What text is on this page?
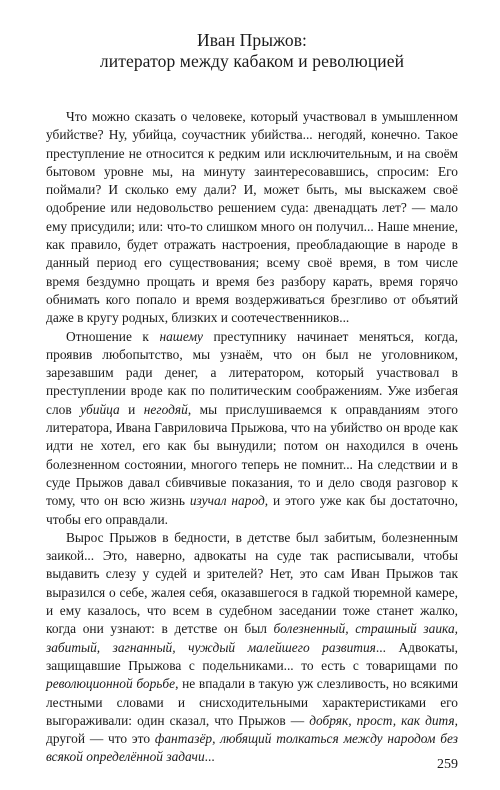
Иван Прыжов:
литератор между кабаком и революцией

Что можно сказать о человеке, который участвовал в умышленном убийстве? Ну, убийца, соучастник убийства... негодяй, конечно. Такое преступление не относится к редким или исключительным, и на своём бытовом уровне мы, на минуту заинтересовавшись, спросим: Его поймали? И сколько ему дали? И, может быть, мы выскажем своё одобрение или недовольство решением суда: двенадцать лет? — мало ему присудили; или: что-то слишком много он получил... Наше мнение, как правило, будет отражать настроения, преобладающие в народе в данный период его существования; всему своё время, в том числе время бездумно прощать и время без разбору карать, время горячо обнимать кого попало и время воздерживаться брезгливо от объятий даже в кругу родных, близких и соотечественников...

Отношение к нашему преступнику начинает меняться, когда, проявив любопытство, мы узнаём, что он был не уголовником, зарезавшим ради денег, а литератором, который участвовал в преступлении вроде как по политическим соображениям. Уже избегая слов убийца и негодяй, мы прислушиваемся к оправданиям этого литератора, Ивана Гавриловича Прыжова, что на убийство он вроде как идти не хотел, его как бы вынудили; потом он находился в очень болезненном состоянии, многого теперь не помнит... На следствии и в суде Прыжов давал сбивчивые показания, то и дело сводя разговор к тому, что он всю жизнь изучал народ, и этого уже как бы достаточно, чтобы его оправдали.

Вырос Прыжов в бедности, в детстве был забитым, болезненным заикой... Это, наверно, адвокаты на суде так расписывали, чтобы выдавить слезу у судей и зрителей? Нет, это сам Иван Прыжов так выразился о себе, жалея себя, оказавшегося в гадкой тюремной камере, и ему казалось, что всем в судебном заседании тоже станет жалко, когда они узнают: в детстве он был болезненный, страшный заика, забитый, загнанный, чуждый малейшего развития... Адвокаты, защищавшие Прыжова с подельниками... то есть с товарищами по революционной борьбе, не впадали в такую уж слезливость, но всякими лестными словами и снисходительными характеристиками его выгораживали: один сказал, что Прыжов — добряк, прост, как дитя, другой — что это фантазёр, любящий толкаться между народом без всякой определённой задачи...

259
